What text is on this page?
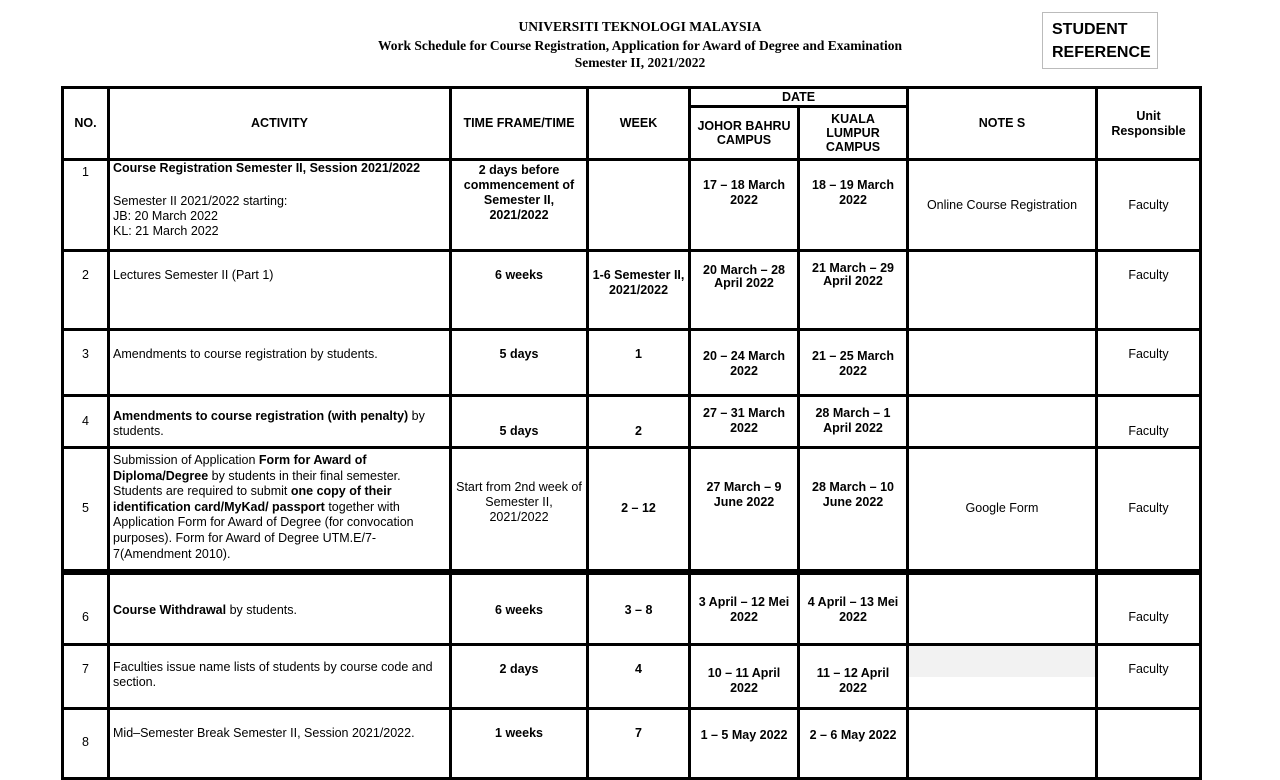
UNIVERSITI TEKNOLOGI MALAYSIA
Work Schedule for Course Registration, Application for Award of Degree and Examination
Semester II, 2021/2022
STUDENT
REFERENCE
NO.	ACTIVITY	TIME FRAME/TIME	WEEK	DATE		NOTE S	Unit Responsible
				JOHOR BAHRU CAMPUS	KUALA LUMPUR CAMPUS		
1	Course Registration Semester II, Session 2021/2022
Semester II 2021/2022 starting:
JB: 20 March 2022
KL: 21 March 2022	2 days before commencement of Semester II, 2021/2022		17 – 18 March 2022	18 – 19 March 2022	Online Course Registration	Faculty
2	Lectures Semester II (Part 1)	6 weeks	1-6 Semester II, 2021/2022	20 March – 28 April 2022	21 March – 29 April 2022		Faculty
3	Amendments to course registration by students.	5 days	1	20 – 24 March 2022	21 – 25 March 2022		Faculty
4	Amendments to course registration (with penalty) by students.	5 days	2	27 – 31 March 2022	28 March – 1 April 2022		Faculty
5	Submission of Application Form for Award of Diploma/Degree by students in their final semester. Students are required to submit one copy of their identification card/MyKad/ passport together with Application Form for Award of Degree (for convocation purposes). Form for Award of Degree UTM.E/7-7(Amendment 2010).	Start from 2nd week of Semester II, 2021/2022	2 – 12	27 March – 9 June 2022	28 March – 10 June 2022	Google Form	Faculty
6	Course Withdrawal by students.	6 weeks	3 – 8	3 April – 12 Mei 2022	4 April – 13 Mei 2022		Faculty
7	Faculties issue name lists of students by course code and section.	2 days	4	10 – 11 April 2022	11 – 12 April 2022		Faculty
8	Mid–Semester Break Semester II, Session 2021/2022.	1 weeks	7	1 – 5 May 2022	2 – 6 May 2022		
